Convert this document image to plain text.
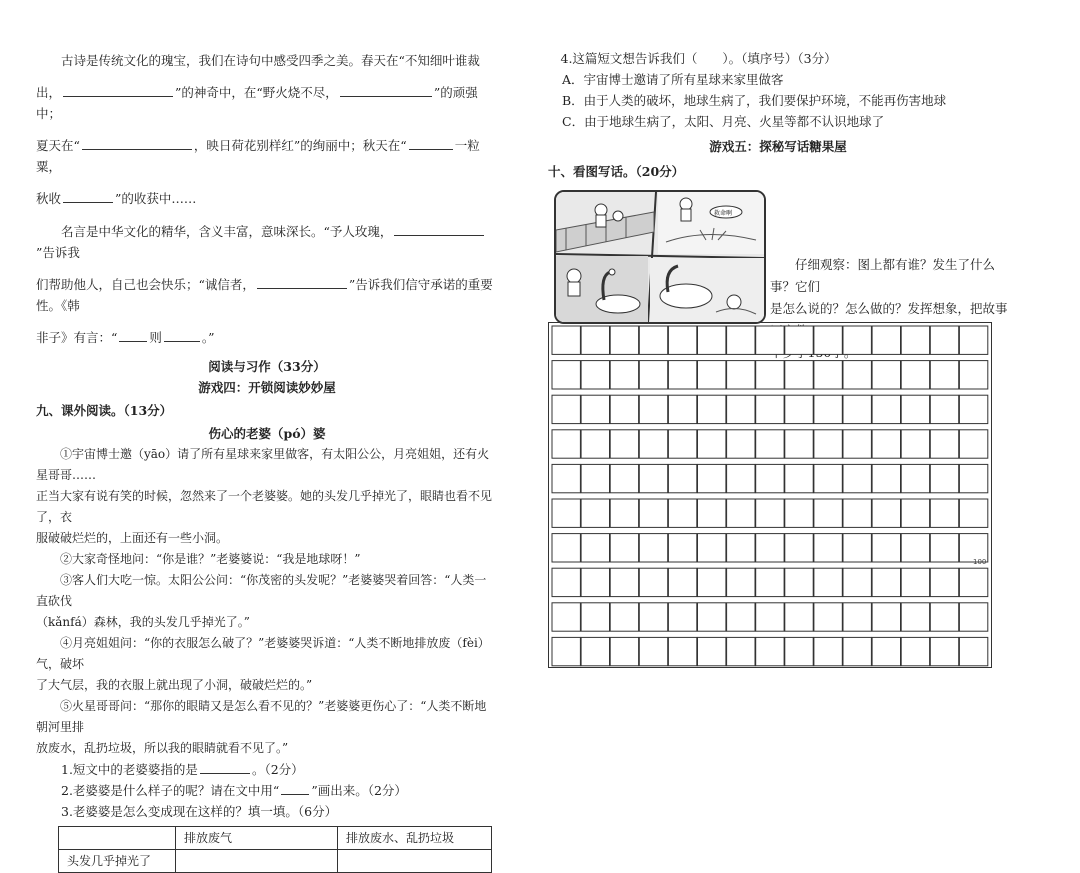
古诗是传统文化的瑰宝，我们在诗句中感受四季之美。春天在“不知细叶谁裁

出，	”的神奇中，在“野火烧不尽，	”的顽强中；

夏天在“	，映日荷花别样红”的绚丽中；秋天在“	一粒粟，

秋收	”的收获中……

名言是中华文化的精华，含义丰富，意味深长。“予人玫瑰，”告诉我

们帮助他人，自己也会快乐；“诚信者，	”告诉我们信守承诺的重要性。《韩

非子》有言：“	则	。”

阅读与习作（33分）

游戏四：开锁阅读妙妙屋

九、课外阅读。（13分）

伤心的老婆（pó）婆

①宇宙博士邀（yāo）请了所有星球来家里做客，有太阳公公，月亮姐姐，还有火星哥哥……

正当大家有说有笑的时候，忽然来了一个老婆婆。她的头发几乎掉光了，眼睛也看不见了，衣

服破破烂烂的，上面还有一些小洞。

②大家奇怪地问：“你是谁？”老婆婆说：“我是地球呀！”

③客人们大吃一惊。太阳公公问：“你茂密的头发呢？”老婆婆哭着回答：“人类一直砍伐

（kǎnfá）森林，我的头发几乎掉光了。”

④月亮姐姐问：“你的衣服怎么破了？”老婆婆哭诉道：“人类不断地排放废（fèi）气，破坏

了大气层，我的衣服上就出现了小洞，破破烂烂的。”

⑤火星哥哥问：“那你的眼睛又是怎么看不见的？”老婆婆更伤心了：“人类不断地朝河里排

放废水，乱扔垃圾，所以我的眼睛就看不见了。”

1.短文中的老婆婆指的是	。（2分）

2.老婆婆是什么样子的呢？请在文中用“	”画出来。（2分）

3.老婆婆是怎么变成现在这样的？填一填。（6分）

	排放废气	排放废水、乱扔垃圾
头发几乎掉光了		

4.这篇短文想告诉我们（　　）。（填序号）（3分）

A．宇宙博士邀请了所有星球来家里做客

B．由于人类的破坏，地球生病了，我们要保护环境，不能再伤害地球

C．由于地球生病了，太阳、月亮、火星等都不认识地球了

游戏五：探秘写话糖果屋

十、看图写话。（20分）

救命啊

仔细观察：图上都有谁？发生了什么事？它们

是怎么说的？怎么做的？发挥想象，把故事

100
